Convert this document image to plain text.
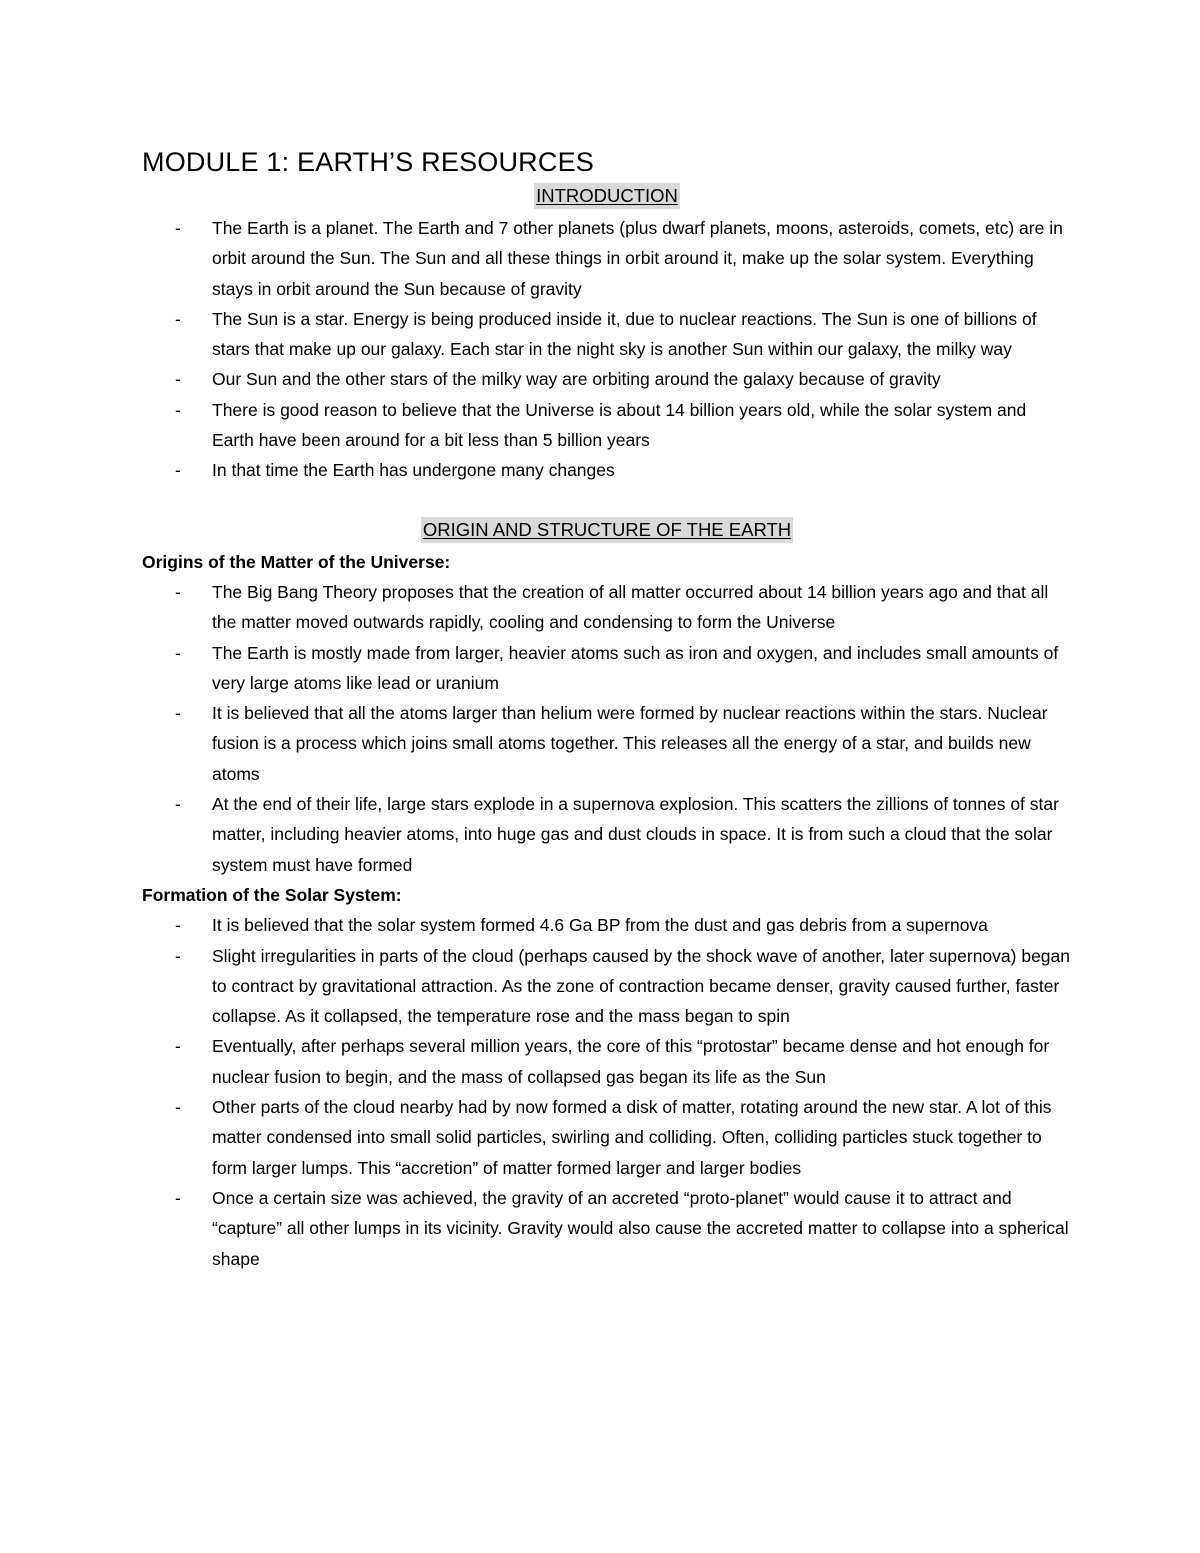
MODULE 1: EARTH’S RESOURCES
INTRODUCTION
- The Earth is a planet. The Earth and 7 other planets (plus dwarf planets, moons, asteroids, comets, etc) are in orbit around the Sun. The Sun and all these things in orbit around it, make up the solar system. Everything stays in orbit around the Sun because of gravity
- The Sun is a star. Energy is being produced inside it, due to nuclear reactions. The Sun is one of billions of stars that make up our galaxy. Each star in the night sky is another Sun within our galaxy, the milky way
- Our Sun and the other stars of the milky way are orbiting around the galaxy because of gravity
- There is good reason to believe that the Universe is about 14 billion years old, while the solar system and Earth have been around for a bit less than 5 billion years
- In that time the Earth has undergone many changes
ORIGIN AND STRUCTURE OF THE EARTH

Origins of the Matter of the Universe:

- The Big Bang Theory proposes that the creation of all matter occurred about 14 billion years ago and that all the matter moved outwards rapidly, cooling and condensing to form the Universe
- The Earth is mostly made from larger, heavier atoms such as iron and oxygen, and includes small amounts of very large atoms like lead or uranium
- It is believed that all the atoms larger than helium were formed by nuclear reactions within the stars. Nuclear fusion is a process which joins small atoms together. This releases all the energy of a star, and builds new atoms
- At the end of their life, large stars explode in a supernova explosion. This scatters the zillions of tonnes of star matter, including heavier atoms, into huge gas and dust clouds in space. It is from such a cloud that the solar system must have formed

Formation of the Solar System:

- It is believed that the solar system formed 4.6 Ga BP from the dust and gas debris from a supernova
- Slight irregularities in parts of the cloud (perhaps caused by the shock wave of another, later supernova) began to contract by gravitational attraction. As the zone of contraction became denser, gravity caused further, faster collapse. As it collapsed, the temperature rose and the mass began to spin
- Eventually, after perhaps several million years, the core of this “protostar” became dense and hot enough for nuclear fusion to begin, and the mass of collapsed gas began its life as the Sun
- Other parts of the cloud nearby had by now formed a disk of matter, rotating around the new star. A lot of this matter condensed into small solid particles, swirling and colliding. Often, colliding particles stuck together to form larger lumps. This “accretion” of matter formed larger and larger bodies
- Once a certain size was achieved, the gravity of an accreted “proto-planet” would cause it to attract and “capture” all other lumps in its vicinity. Gravity would also cause the accreted matter to collapse into a spherical shape
